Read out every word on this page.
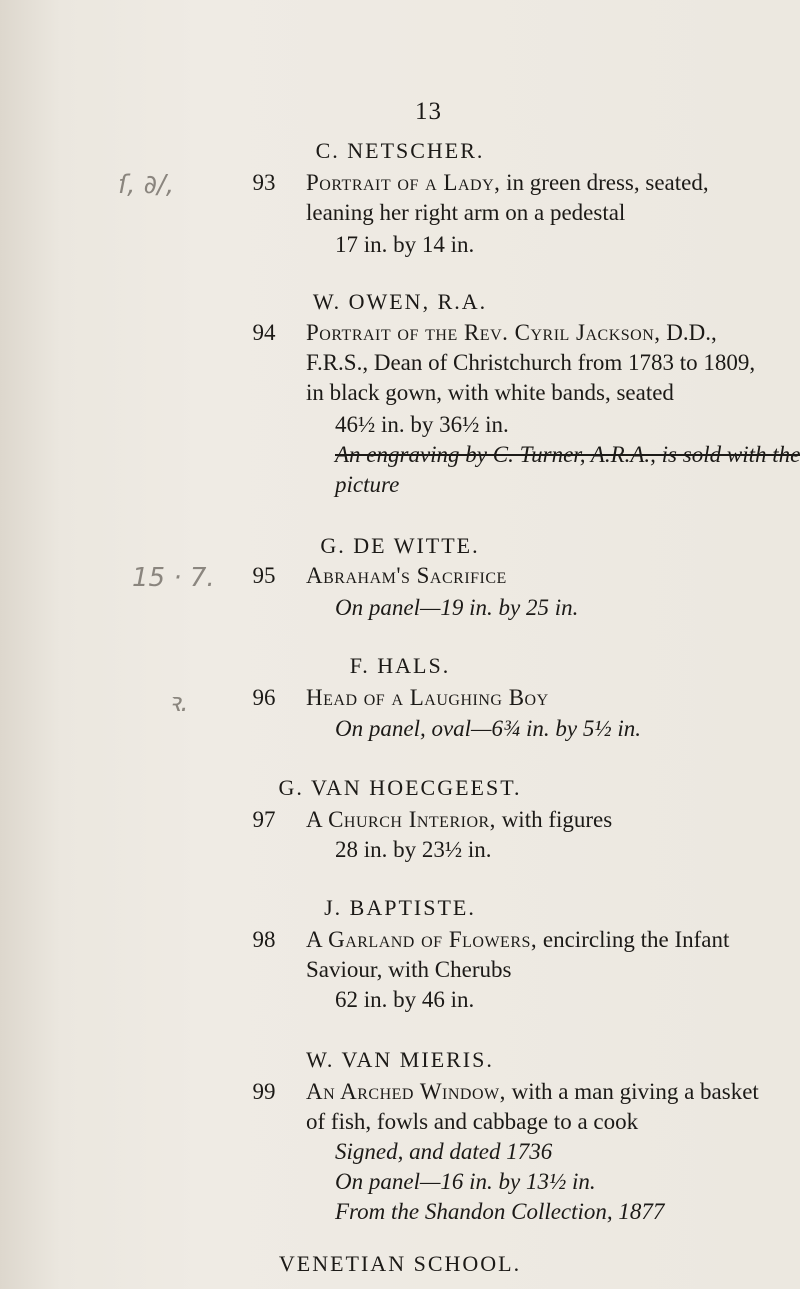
13
C. NETSCHER.
93	Portrait of a Lady, in green dress, seated, leaning her right arm on a pedestal
17 in. by 14 in.
W. OWEN, R.A.
94	Portrait of the Rev. Cyril Jackson, D.D., F.R.S., Dean of Christchurch from 1783 to 1809, in black gown, with white bands, seated
46½ in. by 36½ in.
An engraving by C. Turner, A.R.A., is sold with the
picture
G. DE WITTE.
95	Abraham's Sacrifice
On panel—19 in. by 25 in.
F. HALS.
96	Head of a Laughing Boy
On panel, oval—6¾ in. by 5½ in.
G. VAN HOECGEEST.
97	A Church Interior, with figures
28 in. by 23½ in.
J. BAPTISTE.
98	A Garland of Flowers, encircling the Infant Saviour, with Cherubs
62 in. by 46 in.
W. VAN MIERIS.
99	An Arched Window, with a man giving a basket of fish, fowls and cabbage to a cook
Signed, and dated 1736
On panel—16 in. by 13½ in.
From the Shandon Collection, 1877
VENETIAN SCHOOL.
ſ, ∂/,
15 · 7.
ꝛ.
